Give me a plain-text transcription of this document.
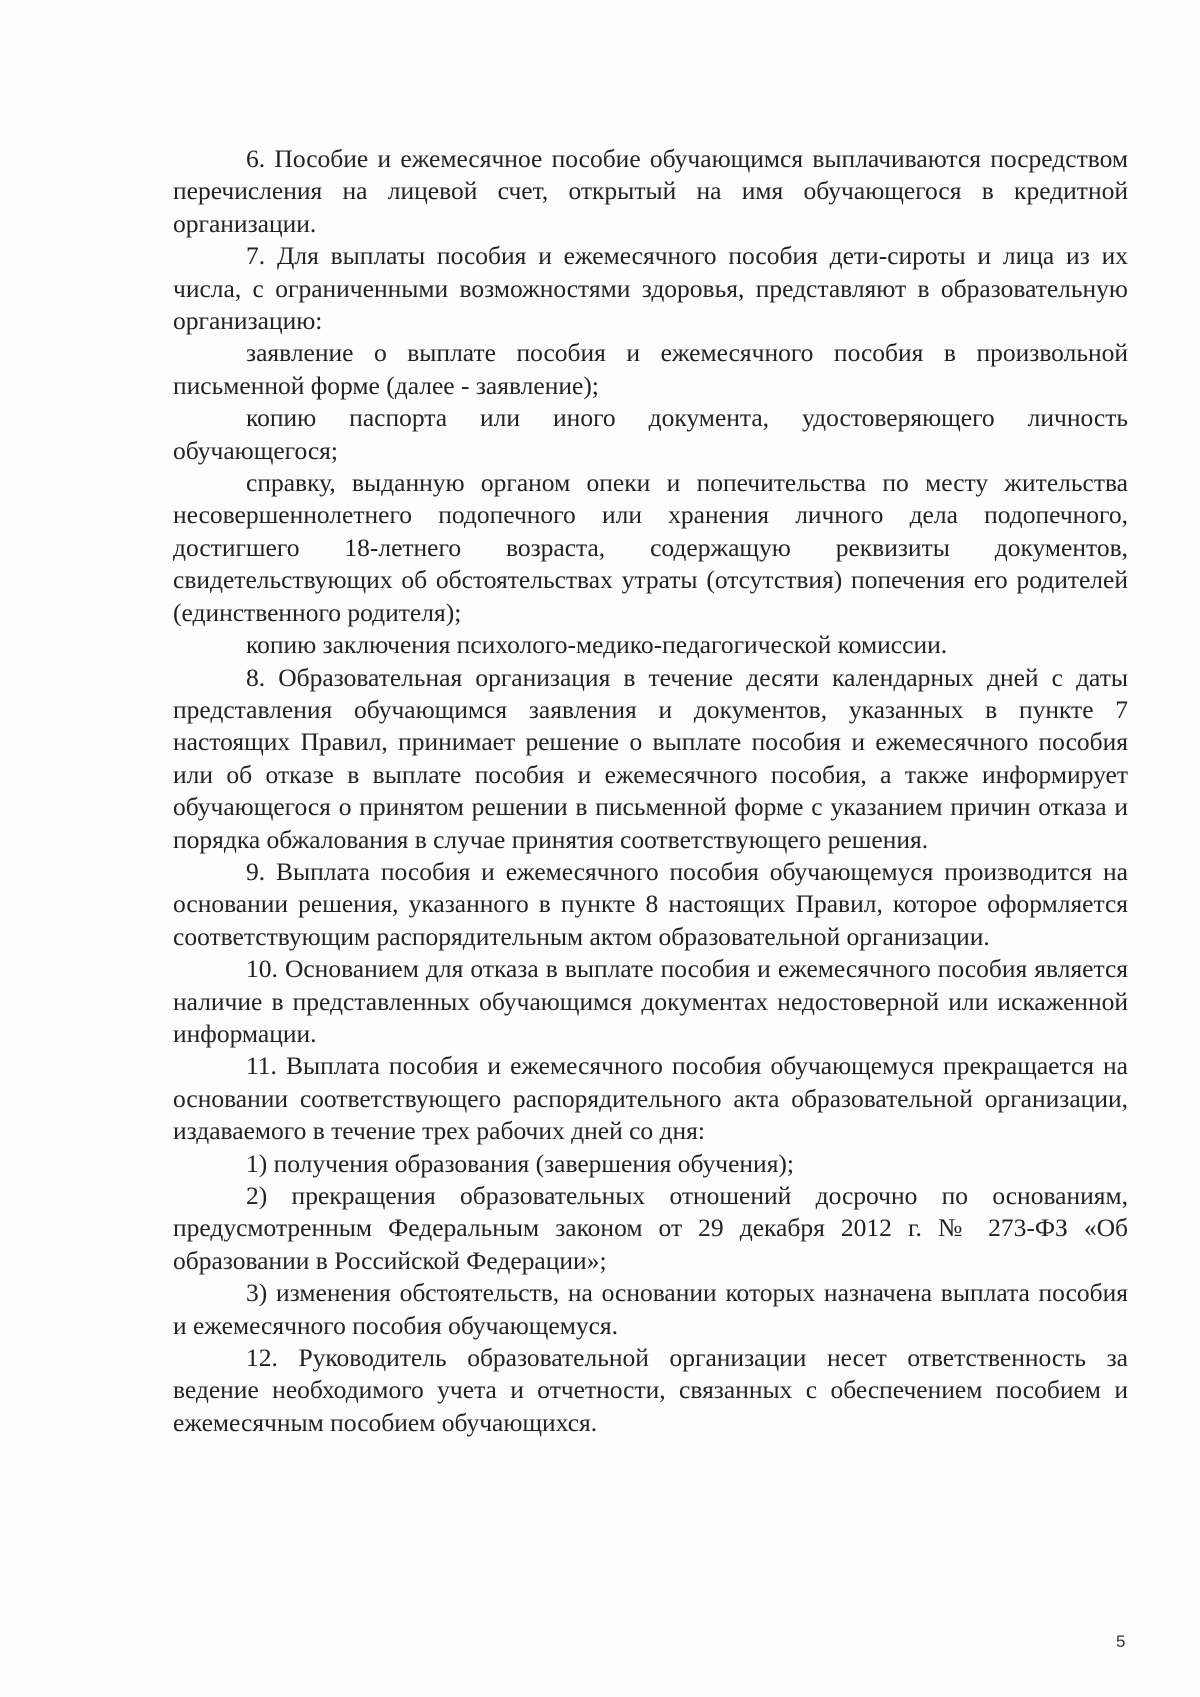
6. Пособие и ежемесячное пособие обучающимся выплачиваются посредством перечисления на лицевой счет, открытый на имя обучающегося в кредитной организации.

7. Для выплаты пособия и ежемесячного пособия дети-сироты и лица из их числа, с ограниченными возможностями здоровья, представляют в образовательную организацию:

заявление о выплате пособия и ежемесячного пособия в произвольной письменной форме (далее - заявление);

копию паспорта или иного документа, удостоверяющего личность обучающегося;

справку, выданную органом опеки и попечительства по месту жительства несовершеннолетнего подопечного или хранения личного дела подопечного, достигшего 18-летнего возраста, содержащую реквизиты документов, свидетельствующих об обстоятельствах утраты (отсутствия) попечения его родителей (единственного родителя);

копию заключения психолого-медико-педагогической комиссии.

8. Образовательная организация в течение десяти календарных дней с даты представления обучающимся заявления и документов, указанных в пункте 7 настоящих Правил, принимает решение о выплате пособия и ежемесячного пособия или об отказе в выплате пособия и ежемесячного пособия, а также информирует обучающегося о принятом решении в письменной форме с указанием причин отказа и порядка обжалования в случае принятия соответствующего решения.

9. Выплата пособия и ежемесячного пособия обучающемуся производится на основании решения, указанного в пункте 8 настоящих Правил, которое оформляется соответствующим распорядительным актом образовательной организации.

10. Основанием для отказа в выплате пособия и ежемесячного пособия является наличие в представленных обучающимся документах недостоверной или искаженной информации.

11. Выплата пособия и ежемесячного пособия обучающемуся прекращается на основании соответствующего распорядительного акта образовательной организации, издаваемого в течение трех рабочих дней со дня:

1) получения образования (завершения обучения);

2) прекращения образовательных отношений досрочно по основаниям, предусмотренным Федеральным законом от 29 декабря 2012 г. № 273-ФЗ «Об образовании в Российской Федерации»;

3) изменения обстоятельств, на основании которых назначена выплата пособия и ежемесячного пособия обучающемуся.

12. Руководитель образовательной организации несет ответственность за ведение необходимого учета и отчетности, связанных с обеспечением пособием и ежемесячным пособием обучающихся.

5
